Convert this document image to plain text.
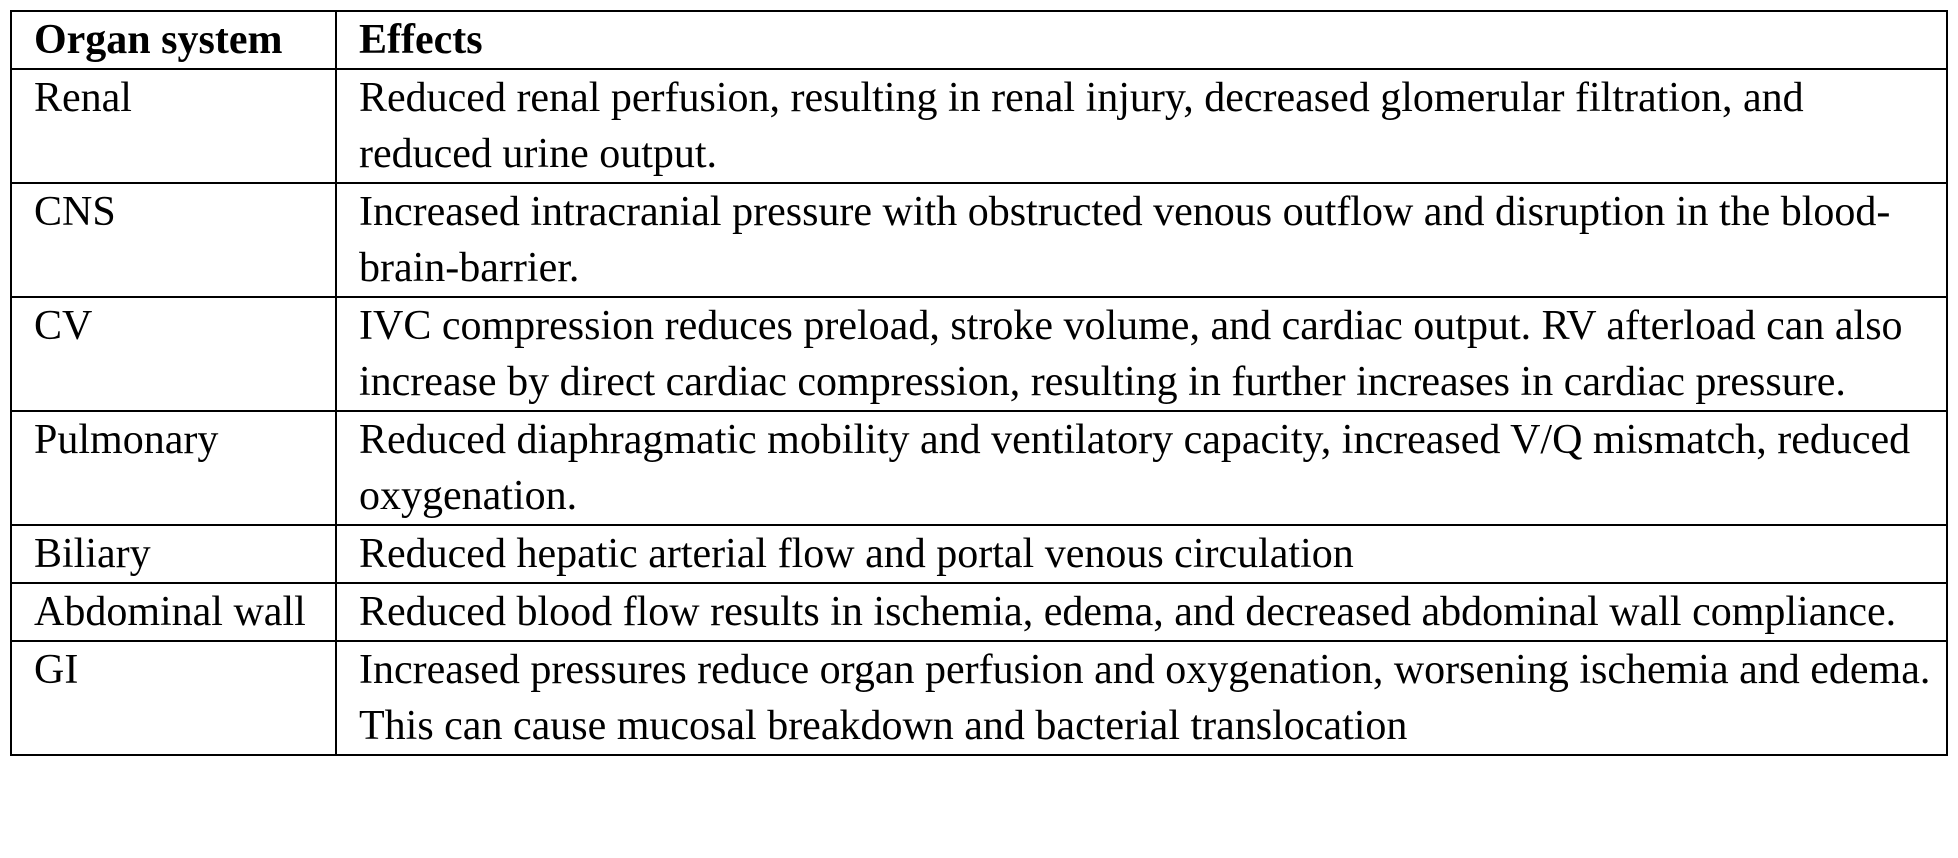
Organ system	Effects
Renal	Reduced renal perfusion, resulting in renal injury, decreased glomerular filtration, and reduced urine output.
CNS	Increased intracranial pressure with obstructed venous outflow and disruption in the blood-brain-barrier.
CV	IVC compression reduces preload, stroke volume, and cardiac output. RV afterload can also increase by direct cardiac compression, resulting in further increases in cardiac pressure.
Pulmonary	Reduced diaphragmatic mobility and ventilatory capacity, increased V/Q mismatch, reduced oxygenation.
Biliary	Reduced hepatic arterial flow and portal venous circulation
Abdominal wall	Reduced blood flow results in ischemia, edema, and decreased abdominal wall compliance.
GI	Increased pressures reduce organ perfusion and oxygenation, worsening ischemia and edema. This can cause mucosal breakdown and bacterial translocation
